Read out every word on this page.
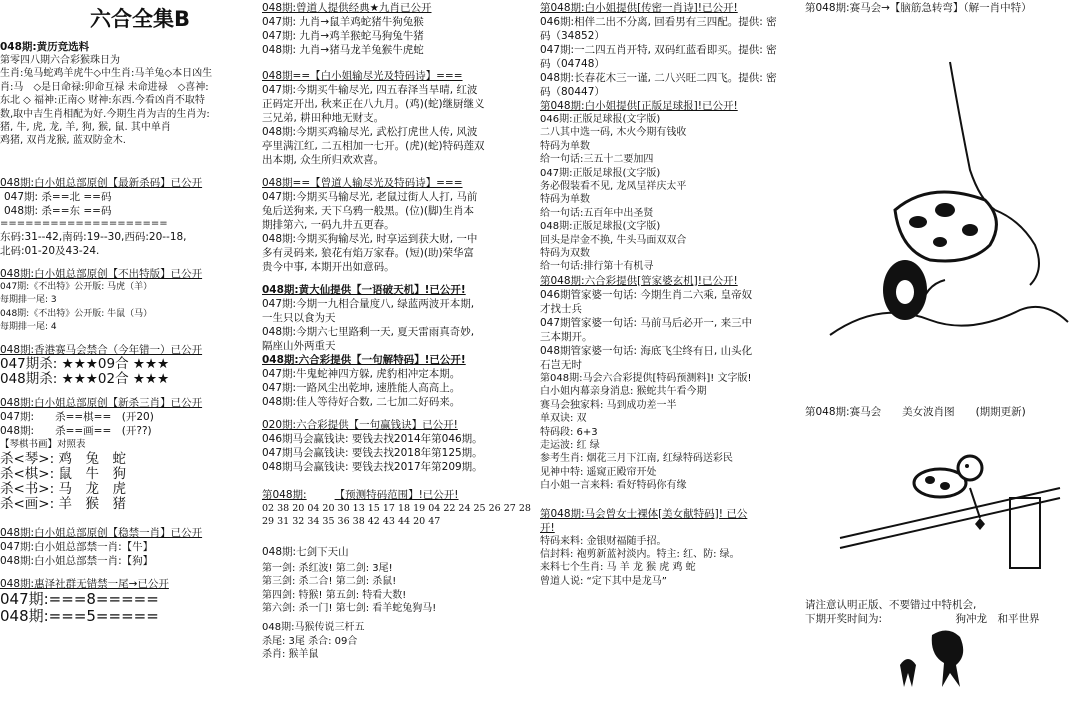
六合全集B
048期:黄历竞选料
第零四八期六合彩猴珠日为
生肖:兔马蛇鸡羊虎牛◇中生肖:马羊兔◇本日凶生
肖:马　◇是日命禄:卯命互禄 未命进禄　◇喜神:
东北 ◇ 福神:正南◇ 财神:东西.今看凶肖不取特
数,取中吉生肖相配为好.今期生肖为吉的生肖为:
猪, 牛, 虎, 龙, 羊, 狗, 猴, 鼠. 其中单肖
鸡猪, 双肖龙猴, 蓝双防金木.
048期:白小姐总部原创【最新杀码】已公开
047期: 杀==北 ==码
048期: 杀==东 ==码
====================
东码:31--42,南码:19--30,西码:20--18,
北码:01-20及43-24.
048期:白小姐总部原创【不出特版】已公开
047期:《不出特》公开版: 马虎（羊）
每期排一尾: 3
048期:《不出特》公开版: 牛鼠（马）
每期排一尾: 4
048期:香港赛马会禁合（今年错一）已公开
047期杀: ★★★09合 ★★★
048期杀: ★★★02合 ★★★
048期:白小姐总部原创【新杀三肖】已公开
047期:　　杀==棋==　(开20)
048期:　　杀==画==　(开??)
【琴棋书画】对照表
杀<琴>: 鸡　兔　蛇
杀<棋>: 鼠　牛　狗
杀<书>: 马　龙　虎
杀<画>: 羊　猴　猪
048期:白小姐总部原创【稳禁一肖】已公开
047期:白小姐总部禁一肖:【牛】
048期:白小姐总部禁一肖:【狗】
048期:惠泽社群无错禁一尾→已公开
047期:===8=====
048期:===5=====
048期:曾道人提供经典★九肖已公开
047期: 九肖→鼠羊鸡蛇猪牛狗兔猴
047期: 九肖→鸡羊猴蛇马狗兔牛猪
048期: 九肖→猪马龙羊兔猴牛虎蛇
048期==【白小姐输尽光及特码诗】===
047期:今期买牛输尽光, 四五春泽当旱晴, 红波
正码定开出, 秋来正在八九月。(鸡)(蛇)继厨继义
三兄弟, 耕田种地无财支。
048期:今期买鸡输尽光, 武松打虎世人传, 风波
亭里满江红, 二五相加一七开。(虎)(蛇)特码莲双
出本期, 众生所归欢欢喜。
048期==【曾道人输尽光及特码诗】===
047期:今期买马输尽光, 老鼠过街人人打, 马前
兔后送狗来, 天下乌鸦一般黑。(位)(脚)生肖本
期排第六, 一码九井五更春。
048期:今期买狗输尽光, 时享运到获大财, 一中
多有灵码来, 狼花有焰万家春。(短)(助)荣华富
贵今中事, 本期开出如意码。
048期:黄大仙提供【一语破天机】!已公开!
047期:今期一九相合量度八, 绿蓝两波开本期,
一生只以食为天
048期:今期六七里路剩一天, 夏天雷雨真奇妙,
隔座山外两重天
048期:六合彩提供【一句解特码】!已公开!
047期:牛鬼蛇神四方躲, 虎豹相冲定本期。
047期:一路风尘出乾坤, 速胜能人高高上。
048期:佳人等待好合数, 二七加二好码来。
020期:六合彩提供【一句赢钱诀】已公开!
046期马会赢钱诀: 要钱去找2014年第046期。
047期马会赢钱诀: 要钱去找2018年第125期。
048期马会赢钱诀: 要钱去找2017年第209期。
第048期:	【预测特码范围】!已公开!
02 38 20 04 20 30 13 15 17 18 19 04 22 24 25 26 27 28
29 31 32 34 35 36 38 42 43 44 20 47
048期:七剑下天山
第一剑: 杀红波! 第二剑: 3尾!
第三剑: 杀二合! 第二剑: 杀鼠!
第四剑: 特猴! 第五剑: 特看大数!
第六剑: 杀一门! 第七剑: 看羊蛇兔狗马!
048期:马猴传说三杆五
杀尾: 3尾 杀合: 09合
杀肖: 猴羊鼠
第048期:白小姐提供[传密一肖诗]!已公开!
046期:相伴二出不分离, 回看男有三四配。提供: 密
码（34852）
047期:一二四五肖开特, 双码红蓝看即买。提供: 密
码（04748）
048期:长春花木三一谨, 二八兴旺二四飞。提供: 密
码（80447）
第048期:白小姐提供[正版足球报]!已公开!
046期:正版足球报(文字版)
二八其中选一码, 木火今期有钱收
特码为单数
给一句话:三五十二要加四
047期:正版足球报(文字版)
务必假装看不见, 龙凤呈祥庆太平
特码为单数
给一句话:五百年中出圣贤
048期:正版足球报(文字版)
回头是岸金不换, 牛头马面双双合
特码为双数
给一句话:排行第十有机寻
第048期:六合彩提供[管家婆玄机]!已公开!
046期管家婆一句话: 今期生肖二六乘, 皇帝奴
才找士兵
047期管家婆一句话: 马前马后必开一, 来三中
三本期开。
048期管家婆一句话: 海底飞尘终有日, 山头化
石岂无时
第048期:马会六合彩提供[特码预测料]! 文字版!
白小姐内幕亲身消息: 猴蛇共午看今期
赛马会独家料: 马到成功差一半
单双诀: 双
特码段: 6+3
走运波: 红 绿
参考生肖: 烟花三月下江南, 红绿特码送彩民
见神中特: 遥窥正殿帘开处
白小姐一言来料: 看好特码你有缘
第048期:马会曾女士裸体[美女献特码]! 已公
开!
特码来料: 金银财福随手招。
信封料: 袍剪新蓝衬淡内。特主: 红、防: 绿。
来料七个生肖: 马 羊 龙 猴 虎 鸡 蛇
曾道人说: “定下其中是龙马”
第048期:赛马会→【脑筋急转弯】（解一肖中特）
第048期:赛马会　　美女波肖图　　(期期更新)
请注意认明正版、不要错过中特机会,
下期开奖时间为:　　　　　　　狗冲龙　和平世界
